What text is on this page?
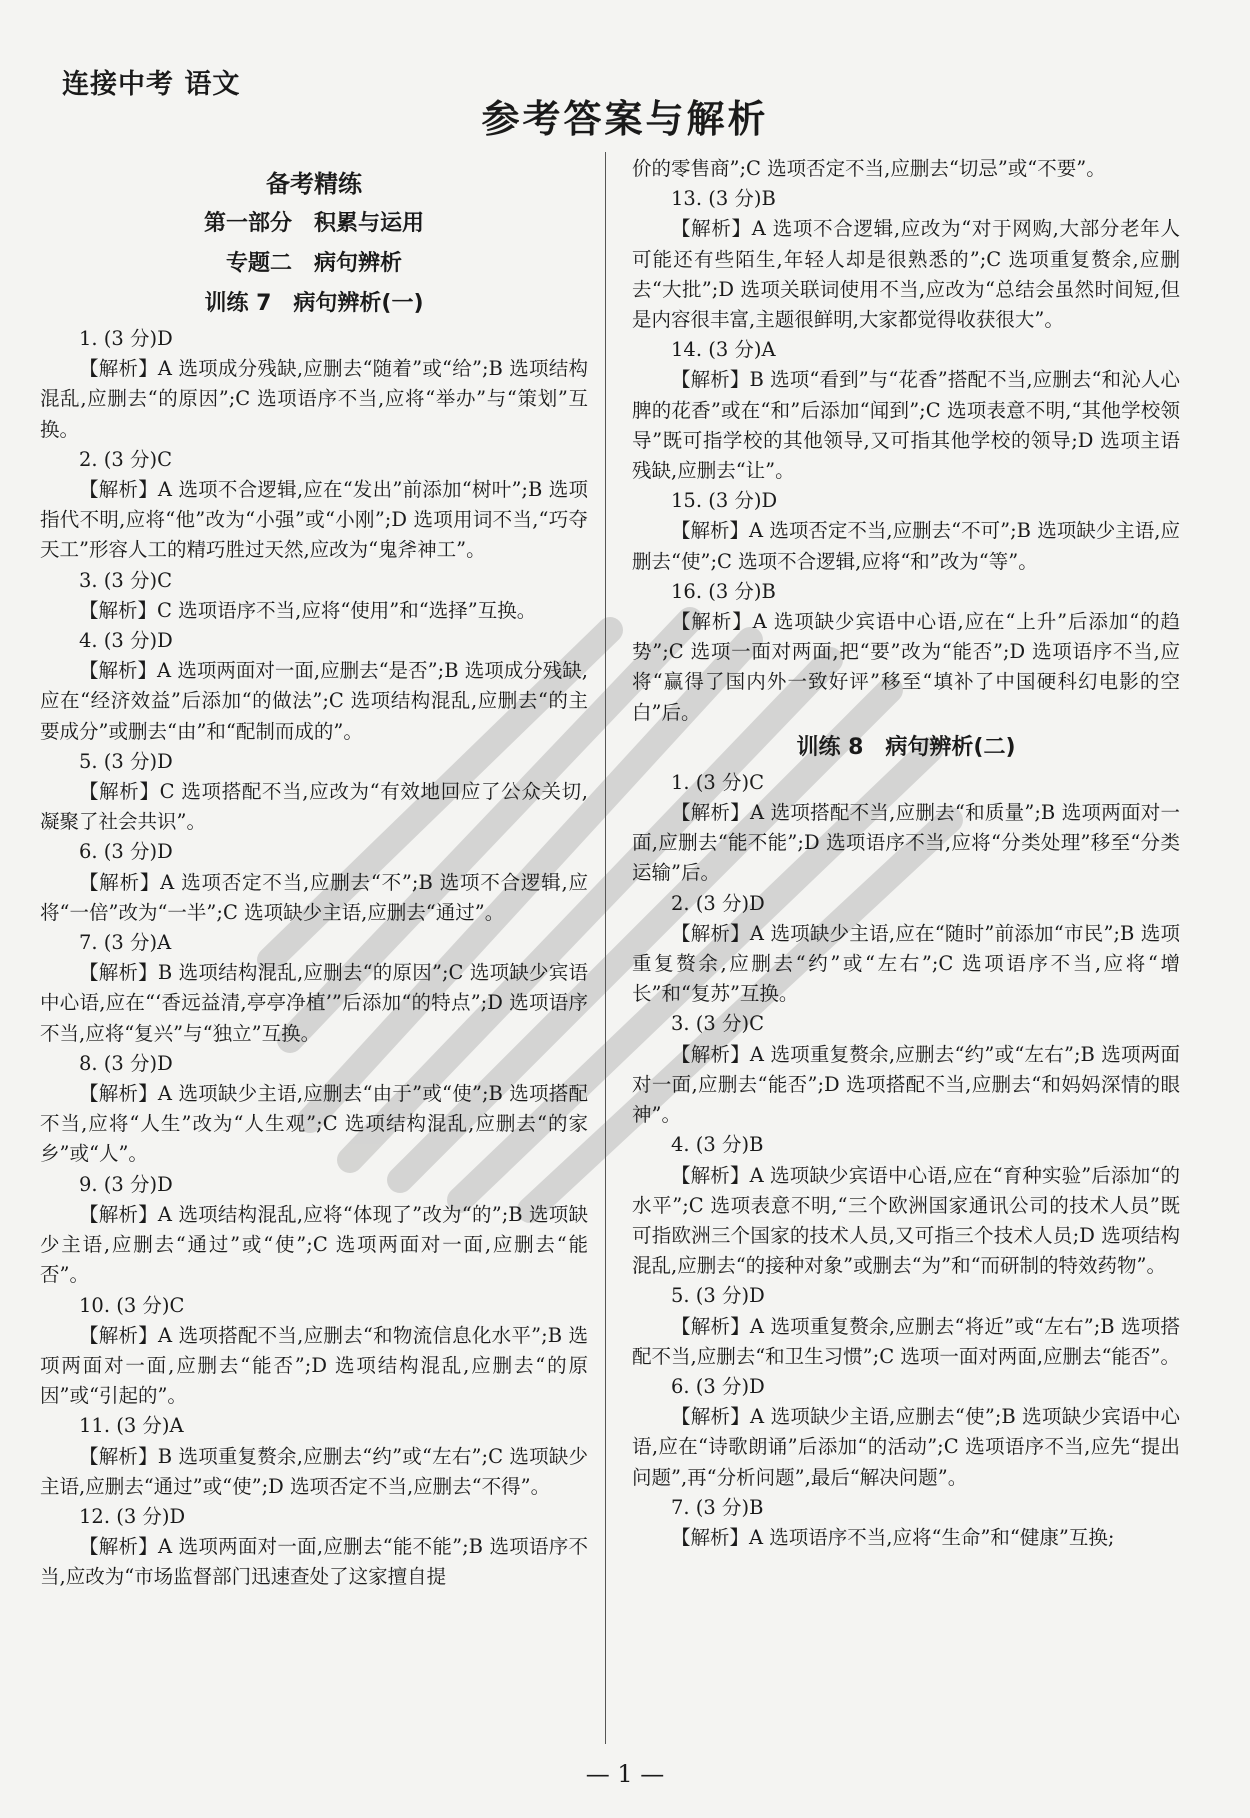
连接中考 语文
参考答案与解析
备考精练
第一部分　积累与运用
专题二　病句辨析
训练 7　病句辨析(一)
1. (3 分)D
【解析】A 选项成分残缺,应删去“随着”或“给”;B 选项结构混乱,应删去“的原因”;C 选项语序不当,应将“举办”与“策划”互换。
2. (3 分)C
【解析】A 选项不合逻辑,应在“发出”前添加“树叶”;B 选项指代不明,应将“他”改为“小强”或“小刚”;D 选项用词不当,“巧夺天工”形容人工的精巧胜过天然,应改为“鬼斧神工”。
3. (3 分)C
【解析】C 选项语序不当,应将“使用”和“选择”互换。
4. (3 分)D
【解析】A 选项两面对一面,应删去“是否”;B 选项成分残缺,应在“经济效益”后添加“的做法”;C 选项结构混乱,应删去“的主要成分”或删去“由”和“配制而成的”。
5. (3 分)D
【解析】C 选项搭配不当,应改为“有效地回应了公众关切,凝聚了社会共识”。
6. (3 分)D
【解析】A 选项否定不当,应删去“不”;B 选项不合逻辑,应将“一倍”改为“一半”;C 选项缺少主语,应删去“通过”。
7. (3 分)A
【解析】B 选项结构混乱,应删去“的原因”;C 选项缺少宾语中心语,应在“‘香远益清,亭亭净植’”后添加“的特点”;D 选项语序不当,应将“复兴”与“独立”互换。
8. (3 分)D
【解析】A 选项缺少主语,应删去“由于”或“使”;B 选项搭配不当,应将“人生”改为“人生观”;C 选项结构混乱,应删去“的家乡”或“人”。
9. (3 分)D
【解析】A 选项结构混乱,应将“体现了”改为“的”;B 选项缺少主语,应删去“通过”或“使”;C 选项两面对一面,应删去“能否”。
10. (3 分)C
【解析】A 选项搭配不当,应删去“和物流信息化水平”;B 选项两面对一面,应删去“能否”;D 选项结构混乱,应删去“的原因”或“引起的”。
11. (3 分)A
【解析】B 选项重复赘余,应删去“约”或“左右”;C 选项缺少主语,应删去“通过”或“使”;D 选项否定不当,应删去“不得”。
12. (3 分)D
【解析】A 选项两面对一面,应删去“能不能”;B 选项语序不当,应改为“市场监督部门迅速查处了这家擅自提
价的零售商”;C 选项否定不当,应删去“切忌”或“不要”。
13. (3 分)B
【解析】A 选项不合逻辑,应改为“对于网购,大部分老年人可能还有些陌生,年轻人却是很熟悉的”;C 选项重复赘余,应删去“大批”;D 选项关联词使用不当,应改为“总结会虽然时间短,但是内容很丰富,主题很鲜明,大家都觉得收获很大”。
14. (3 分)A
【解析】B 选项“看到”与“花香”搭配不当,应删去“和沁人心脾的花香”或在“和”后添加“闻到”;C 选项表意不明,“其他学校领导”既可指学校的其他领导,又可指其他学校的领导;D 选项主语残缺,应删去“让”。
15. (3 分)D
【解析】A 选项否定不当,应删去“不可”;B 选项缺少主语,应删去“使”;C 选项不合逻辑,应将“和”改为“等”。
16. (3 分)B
【解析】A 选项缺少宾语中心语,应在“上升”后添加“的趋势”;C 选项一面对两面,把“要”改为“能否”;D 选项语序不当,应将“赢得了国内外一致好评”移至“填补了中国硬科幻电影的空白”后。
训练 8　病句辨析(二)
1. (3 分)C
【解析】A 选项搭配不当,应删去“和质量”;B 选项两面对一面,应删去“能不能”;D 选项语序不当,应将“分类处理”移至“分类运输”后。
2. (3 分)D
【解析】A 选项缺少主语,应在“随时”前添加“市民”;B 选项重复赘余,应删去“约”或“左右”;C 选项语序不当,应将“增长”和“复苏”互换。
3. (3 分)C
【解析】A 选项重复赘余,应删去“约”或“左右”;B 选项两面对一面,应删去“能否”;D 选项搭配不当,应删去“和妈妈深情的眼神”。
4. (3 分)B
【解析】A 选项缺少宾语中心语,应在“育种实验”后添加“的水平”;C 选项表意不明,“三个欧洲国家通讯公司的技术人员”既可指欧洲三个国家的技术人员,又可指三个技术人员;D 选项结构混乱,应删去“的接种对象”或删去“为”和“而研制的特效药物”。
5. (3 分)D
【解析】A 选项重复赘余,应删去“将近”或“左右”;B 选项搭配不当,应删去“和卫生习惯”;C 选项一面对两面,应删去“能否”。
6. (3 分)D
【解析】A 选项缺少主语,应删去“使”;B 选项缺少宾语中心语,应在“诗歌朗诵”后添加“的活动”;C 选项语序不当,应先“提出问题”,再“分析问题”,最后“解决问题”。
7. (3 分)B
【解析】A 选项语序不当,应将“生命”和“健康”互换;
— 1 —
